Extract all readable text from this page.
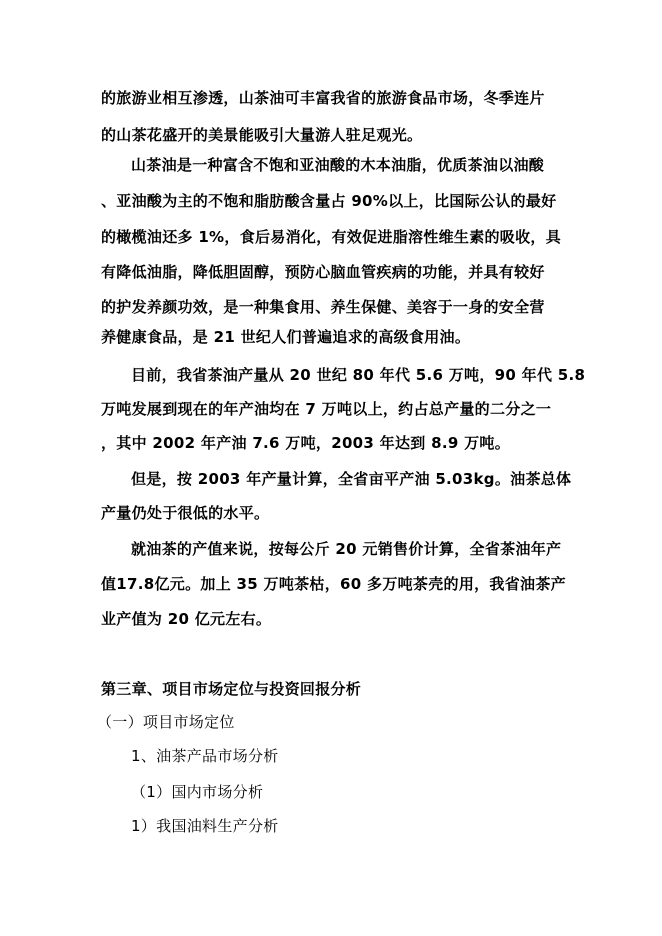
的旅游业相互渗透，山茶油可丰富我省的旅游食品市场，冬季连片
的山茶花盛开的美景能吸引大量游人驻足观光。
山茶油是一种富含不饱和亚油酸的木本油脂，优质茶油以油酸
、亚油酸为主的不饱和脂肪酸含量占 90%以上，比国际公认的最好
的橄榄油还多 1%，食后易消化，有效促进脂溶性维生素的吸收，具
有降低油脂，降低胆固醇，预防心脑血管疾病的功能，并具有较好
的护发养颜功效，是一种集食用、养生保健、美容于一身的安全营
养健康食品，是 21 世纪人们普遍追求的高级食用油。
目前，我省茶油产量从 20 世纪 80 年代 5.6 万吨，90 年代 5.8
万吨发展到现在的年产油均在 7 万吨以上，约占总产量的二分之一
，其中 2002 年产油 7.6 万吨，2003 年达到 8.9 万吨。
但是，按 2003 年产量计算，全省亩平产油 5.03kg。油茶总体
产量仍处于很低的水平。
就油茶的产值来说，按每公斤 20 元销售价计算，全省茶油年产
值17.8亿元。加上 35 万吨茶枯，60 多万吨茶壳的用，我省油茶产
业产值为 20 亿元左右。
第三章、项目市场定位与投资回报分析
（一）项目市场定位
1、油茶产品市场分析
（1）国内市场分析
1）我国油料生产分析
